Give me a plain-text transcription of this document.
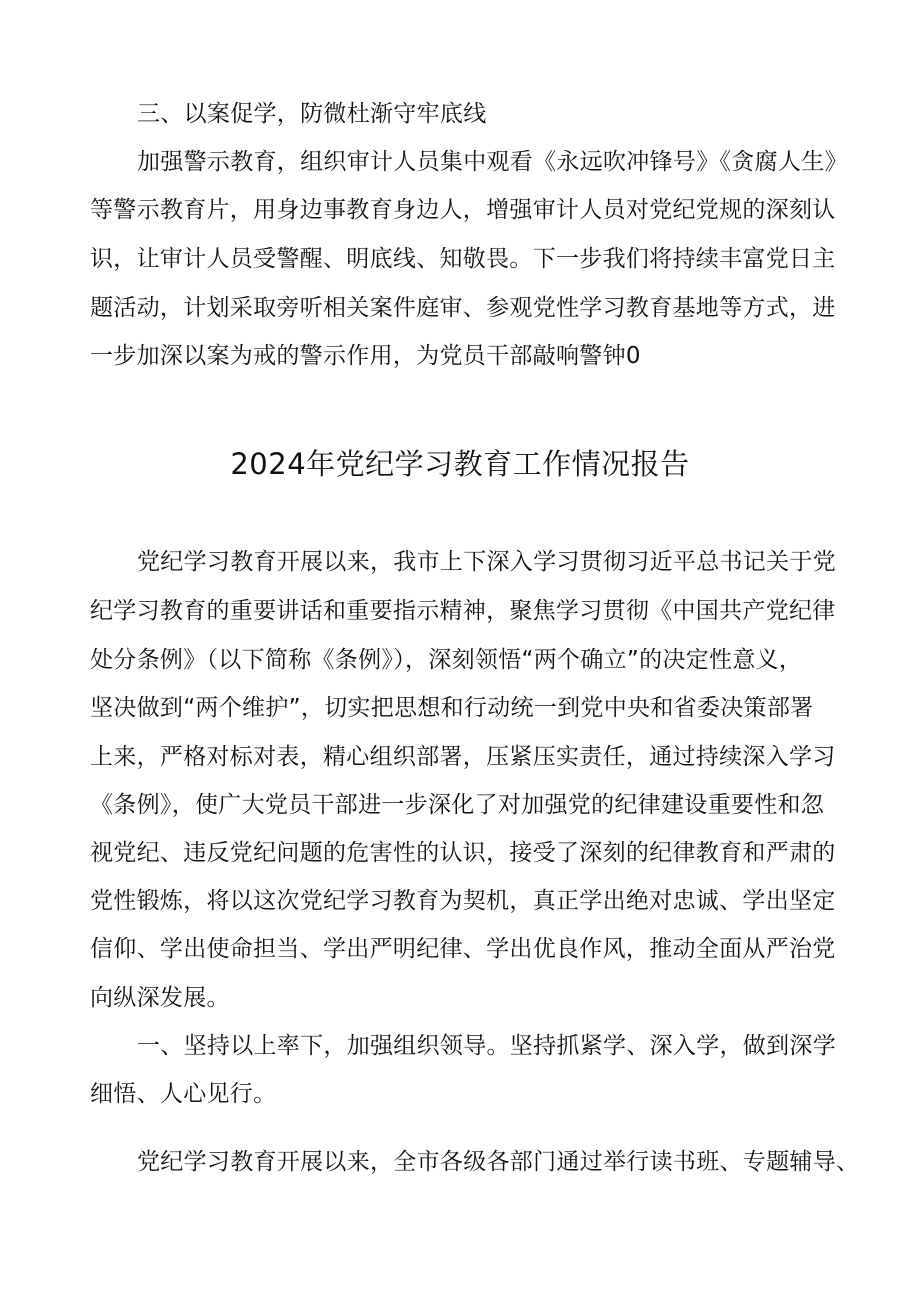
三、以案促学，防微杜渐守牢底线
加强警示教育，组织审计人员集中观看《永远吹冲锋号》《贪腐人生》
等警示教育片，用身边事教育身边人，增强审计人员对党纪党规的深刻认
识，让审计人员受警醒、明底线、知敬畏。下一步我们将持续丰富党日主
题活动，计划采取旁听相关案件庭审、参观党性学习教育基地等方式，进
一步加深以案为戒的警示作用，为党员干部敲响警钟0
2024年党纪学习教育工作情况报告
党纪学习教育开展以来，我市上下深入学习贯彻习近平总书记关于党
纪学习教育的重要讲话和重要指示精神，聚焦学习贯彻《中国共产党纪律
处分条例》（以下简称《条例》），深刻领悟“两个确立”的决定性意义，
坚决做到“两个维护”，切实把思想和行动统一到党中央和省委决策部署
上来，严格对标对表，精心组织部署，压紧压实责任，通过持续深入学习
《条例》，使广大党员干部进一步深化了对加强党的纪律建设重要性和忽
视党纪、违反党纪问题的危害性的认识，接受了深刻的纪律教育和严肃的
党性锻炼，将以这次党纪学习教育为契机，真正学出绝对忠诚、学出坚定
信仰、学出使命担当、学出严明纪律、学出优良作风，推动全面从严治党
向纵深发展。
一、坚持以上率下，加强组织领导。坚持抓紧学、深入学，做到深学
细悟、人心见行。
党纪学习教育开展以来，全市各级各部门通过举行读书班、专题辅导、
